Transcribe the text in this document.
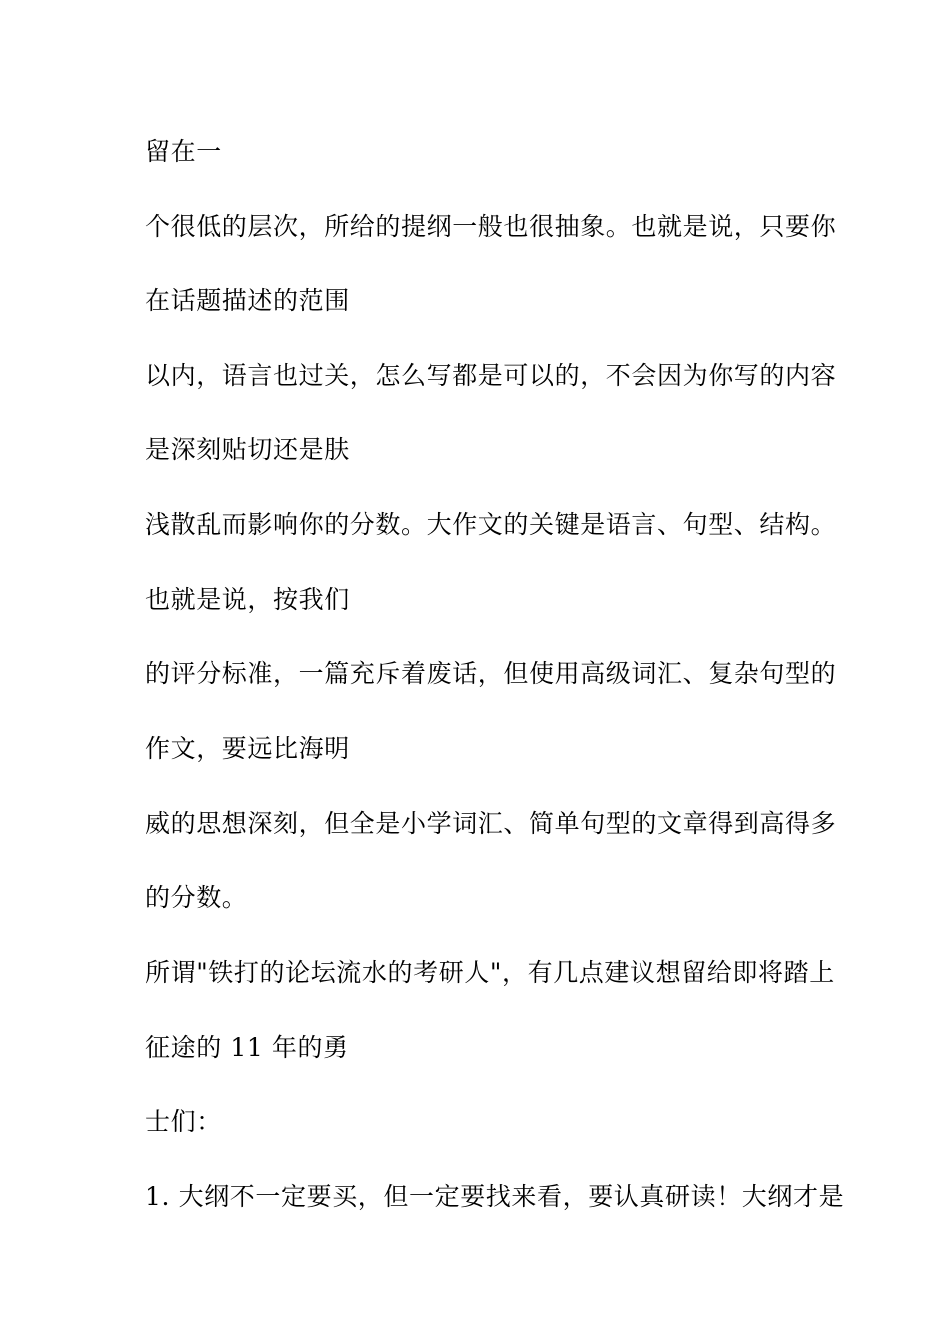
留在一
个很低的层次，所给的提纲一般也很抽象。也就是说，只要你
在话题描述的范围
以内，语言也过关，怎么写都是可以的，不会因为你写的内容
是深刻贴切还是肤
浅散乱而影响你的分数。大作文的关键是语言、句型、结构。
也就是说，按我们
的评分标准，一篇充斥着废话，但使用高级词汇、复杂句型的
作文，要远比海明
威的思想深刻，但全是小学词汇、简单句型的文章得到高得多
的分数。
所谓"铁打的论坛流水的考研人"，有几点建议想留给即将踏上
征途的 11 年的勇
士们：
1. 大纲不一定要买，但一定要找来看，要认真研读！大纲才是
